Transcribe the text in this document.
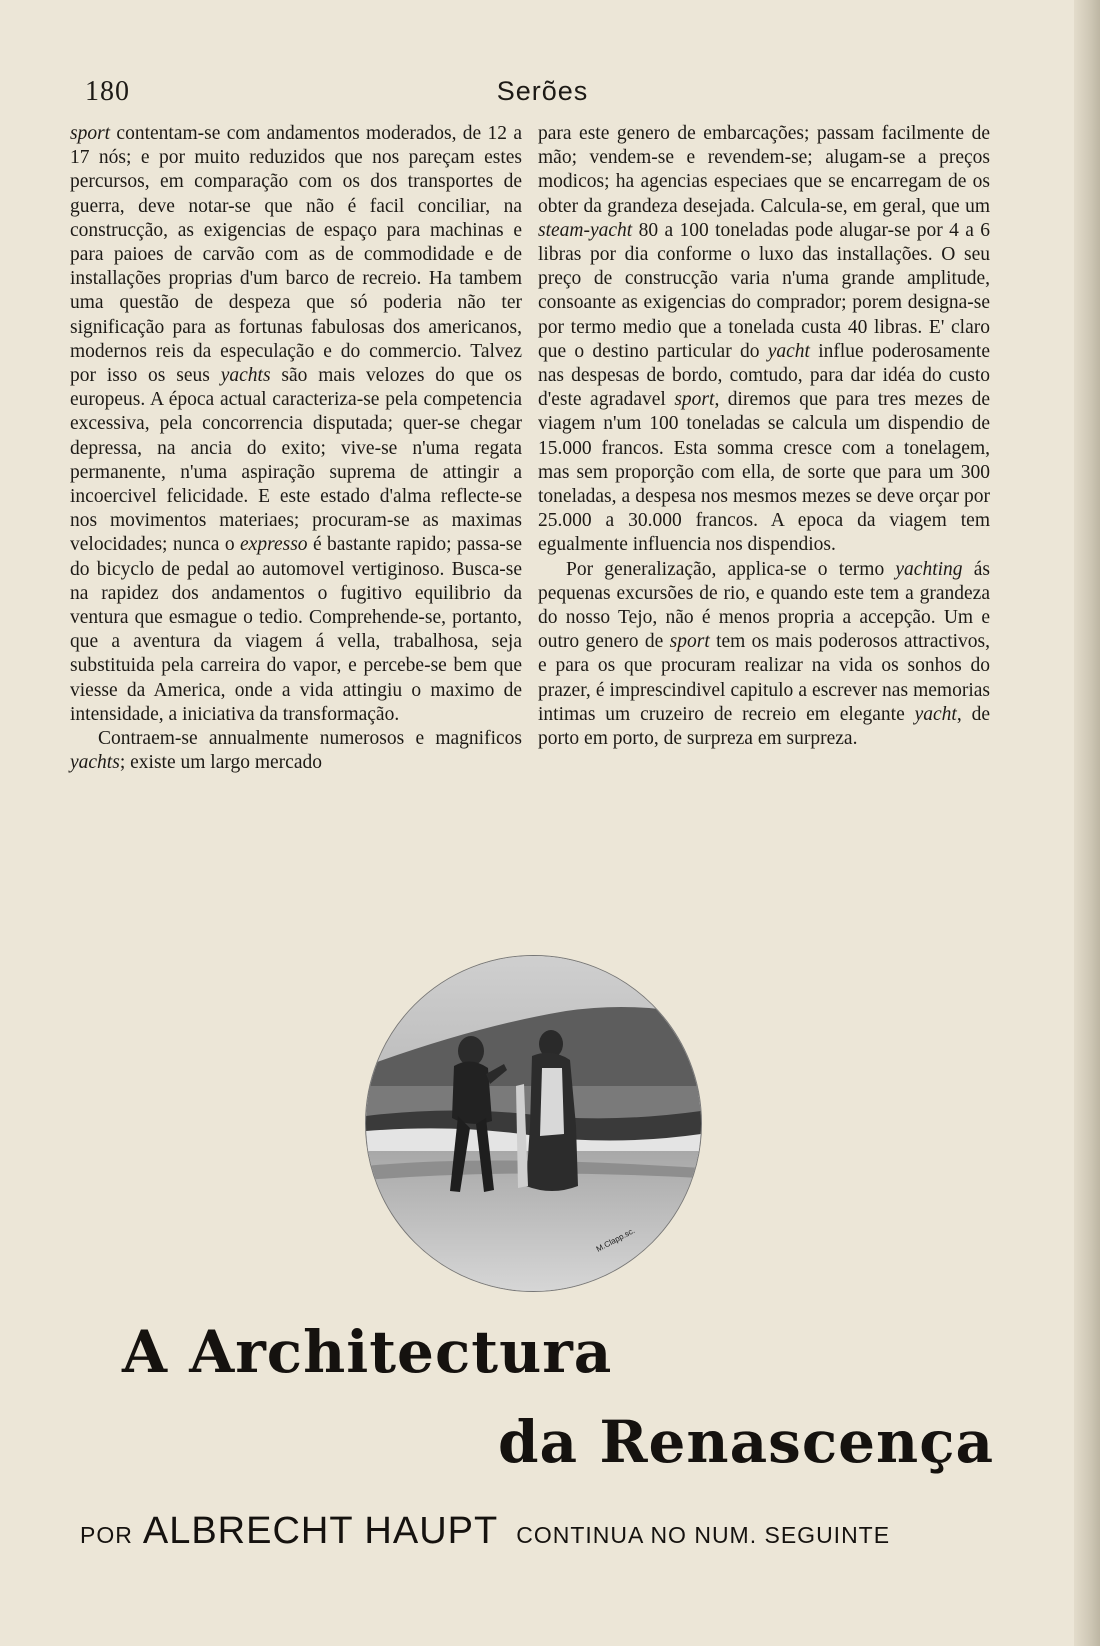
180	Serões

sport contentam-se com andamentos moderados, de 12 a 17 nós; e por muito reduzidos que nos pareçam estes percursos, em comparação com os dos transportes de guerra, deve notar-se que não é facil conciliar, na construcção, as exigencias de espaço para machinas e para paioes de carvão com as de commodidade e de installações proprias d'um barco de recreio. Ha tambem uma questão de despeza que só poderia não ter significação para as fortunas fabulosas dos americanos, modernos reis da especulação e do commercio. Talvez por isso os seus yachts são mais velozes do que os europeus. A época actual caracteriza-se pela competencia excessiva, pela concorrencia disputada; quer-se chegar depressa, na ancia do exito; vive-se n'uma regata permanente, n'uma aspiração suprema de attingir a incoercivel felicidade. E este estado d'alma reflecte-se nos movimentos materiaes; procuram-se as maximas velocidades; nunca o expresso é bastante rapido; passa-se do bicyclo de pedal ao automovel vertiginoso. Busca-se na rapidez dos andamentos o fugitivo equilibrio da ventura que esmague o tedio. Comprehende-se, portanto, que a aventura da viagem á vella, trabalhosa, seja substituida pela carreira do vapor, e percebe-se bem que viesse da America, onde a vida attingiu o maximo de intensidade, a iniciativa da transformação.

Contraem-se annualmente numerosos e magnificos yachts; existe um largo mercado

para este genero de embarcações; passam facilmente de mão; vendem-se e revendem-se; alugam-se a preços modicos; ha agencias especiaes que se encarregam de os obter da grandeza desejada. Calcula-se, em geral, que um steam-yacht 80 a 100 toneladas pode alugar-se por 4 a 6 libras por dia conforme o luxo das installações. O seu preço de construcção varia n'uma grande amplitude, consoante as exigencias do comprador; porem designa-se por termo medio que a tonelada custa 40 libras. E' claro que o destino particular do yacht influe poderosamente nas despesas de bordo, comtudo, para dar idéa do custo d'este agradavel sport, diremos que para tres mezes de viagem n'um 100 toneladas se calcula um dispendio de 15.000 francos. Esta somma cresce com a tonelagem, mas sem proporção com ella, de sorte que para um 300 toneladas, a despesa nos mesmos mezes se deve orçar por 25.000 a 30.000 francos. A epoca da viagem tem egualmente influencia nos dispendios.

Por generalização, applica-se o termo yachting ás pequenas excursões de rio, e quando este tem a grandeza do nosso Tejo, não é menos propria a accepção. Um e outro genero de sport tem os mais poderosos attractivos, e para os que procuram realizar na vida os sonhos do prazer, é imprescindivel capitulo a escrever nas memorias intimas um cruzeiro de recreio em elegante yacht, de porto em porto, de surpreza em surpreza.

M.Clapp.sc.
A Architectura
da Renascença
POR ALBRECHT HAUPT CONTINUA NO NUM. SEGUINTE
